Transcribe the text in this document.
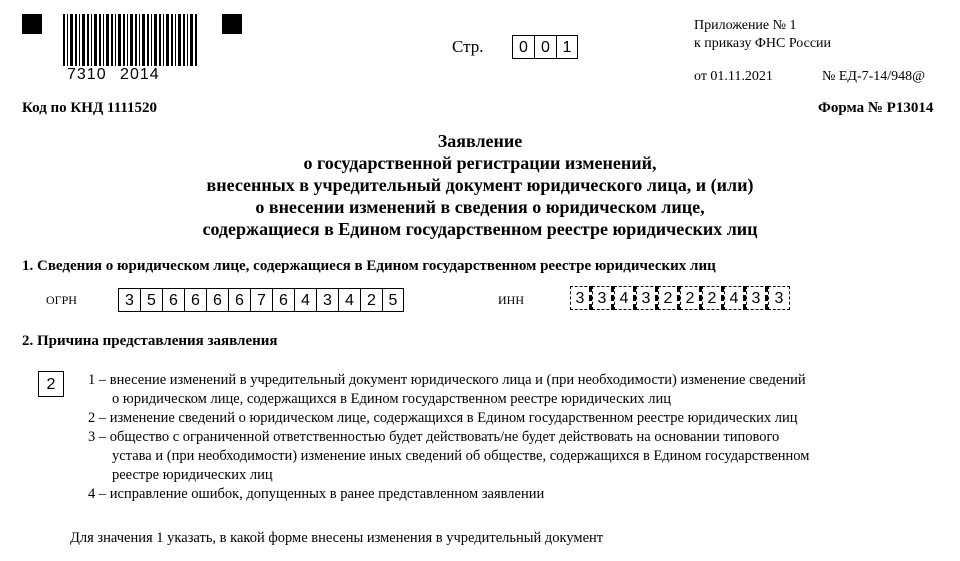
7310 2014
Стр.	0 0 1
Приложение № 1
к приказу ФНС России
от 01.11.2021	№ ЕД-7-14/948@
Код по КНД 1111520	Форма № Р13014
Заявление
о государственной регистрации изменений,
внесенных в учредительный документ юридического лица, и (или)
о внесении изменений в сведения о юридическом лице,
содержащиеся в Едином государственном реестре юридических лиц
1. Сведения о юридическом лице, содержащиеся в Едином государственном реестре юридических лиц
ОГРН	3 5 6 6 6 6 7 6 4 3 4 2 5	ИНН	3 3 4 3 2 2 2 4 3 3
2. Причина представления заявления
2	1 – внесение изменений в учредительный документ юридического лица и (при необходимости) изменение сведений
о юридическом лице, содержащихся в Едином государственном реестре юридических лиц
2 – изменение сведений о юридическом лице, содержащихся в Едином государственном реестре юридических лиц
3 – общество с ограниченной ответственностью будет действовать/не будет действовать на основании типового
устава и (при необходимости) изменение иных сведений об обществе, содержащихся в Едином государственном
реестре юридических лиц
4 – исправление ошибок, допущенных в ранее представленном заявлении
Для значения 1 указать, в какой форме внесены изменения в учредительный документ
